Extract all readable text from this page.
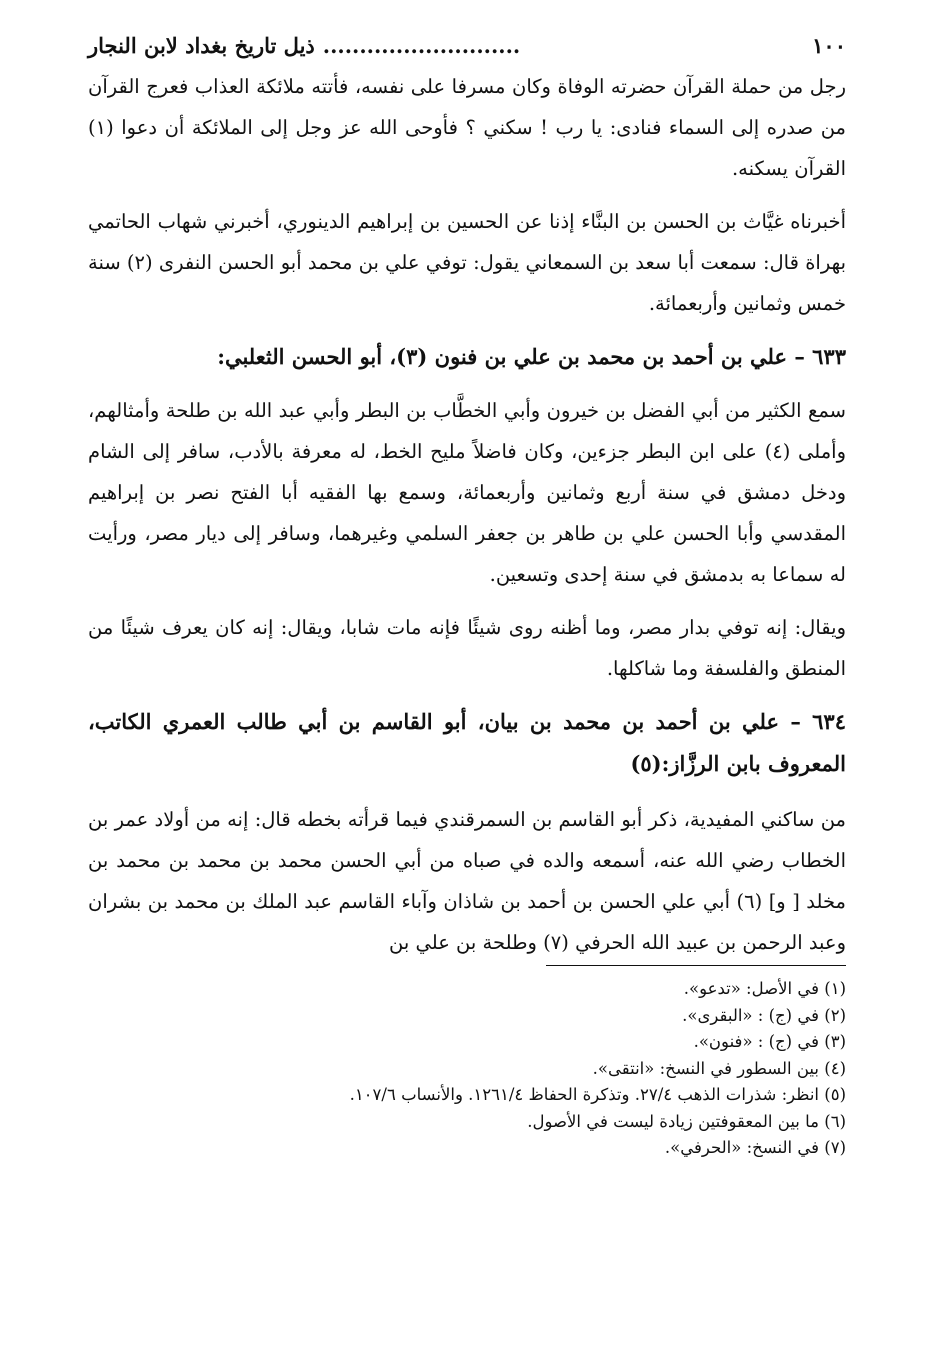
١٠٠
...........................
ذيل تاريخ بغداد لابن النجار

رجل من حملة القرآن حضرته الوفاة وكان مسرفا على نفسه، فأتته ملائكة العذاب فعرج القرآن من صدره إلى السماء فنادى: يا رب ! سكني ؟ فأوحى الله عز وجل إلى الملائكة أن دعوا (١) القرآن يسكنه.

أخبرناه غيَّاث بن الحسن بن البنَّاء إذنا عن الحسين بن إبراهيم الدينوري، أخبرني شهاب الحاتمي بهراة قال: سمعت أبا سعد بن السمعاني يقول: توفي علي بن محمد أبو الحسن النفرى (٢) سنة خمس وثمانين وأربعمائة.

٦٣٣ – علي بن أحمد بن محمد بن علي بن فنون (٣)، أبو الحسن الثعلبي:

سمع الكثير من أبي الفضل بن خيرون وأبي الخطَّاب بن البطر وأبي عبد الله بن طلحة وأمثالهم، وأملى (٤) على ابن البطر جزءين، وكان فاضلاً مليح الخط، له معرفة بالأدب، سافر إلى الشام ودخل دمشق في سنة أربع وثمانين وأربعمائة، وسمع بها الفقيه أبا الفتح نصر بن إبراهيم المقدسي وأبا الحسن علي بن طاهر بن جعفر السلمي وغيرهما، وسافر إلى ديار مصر، ورأيت له سماعا به بدمشق في سنة إحدى وتسعين.

ويقال: إنه توفي بدار مصر، وما أظنه روى شيئًا فإنه مات شابا، ويقال: إنه كان يعرف شيئًا من المنطق والفلسفة وما شاكلها.

٦٣٤ – علي بن أحمد بن محمد بن بيان، أبو القاسم بن أبي طالب العمري الكاتب، المعروف بابن الرزَّاز:(٥)

من ساكني المفيدية، ذكر أبو القاسم بن السمرقندي فيما قرأته بخطه قال: إنه من أولاد عمر بن الخطاب رضي الله عنه، أسمعه والده في صباه من أبي الحسن محمد بن محمد بن محمد بن مخلد [ و] (٦) أبي علي الحسن بن أحمد بن شاذان وآباء القاسم عبد الملك بن محمد بن بشران وعبد الرحمن بن عبيد الله الحرفي (٧) وطلحة بن علي بن

(١) في الأصل: «تدعو».
(٢) في (ج) : «البقرى».
(٣) في (ج) : «فنون».
(٤) بين السطور في النسخ: «انتقى».
(٥) انظر: شذرات الذهب ٢٧/٤. وتذكرة الحفاظ ١٢٦١/٤. والأنساب ١٠٧/٦.
(٦) ما بين المعقوفتين زيادة ليست في الأصول.
(٧) في النسخ: «الحرفي».
